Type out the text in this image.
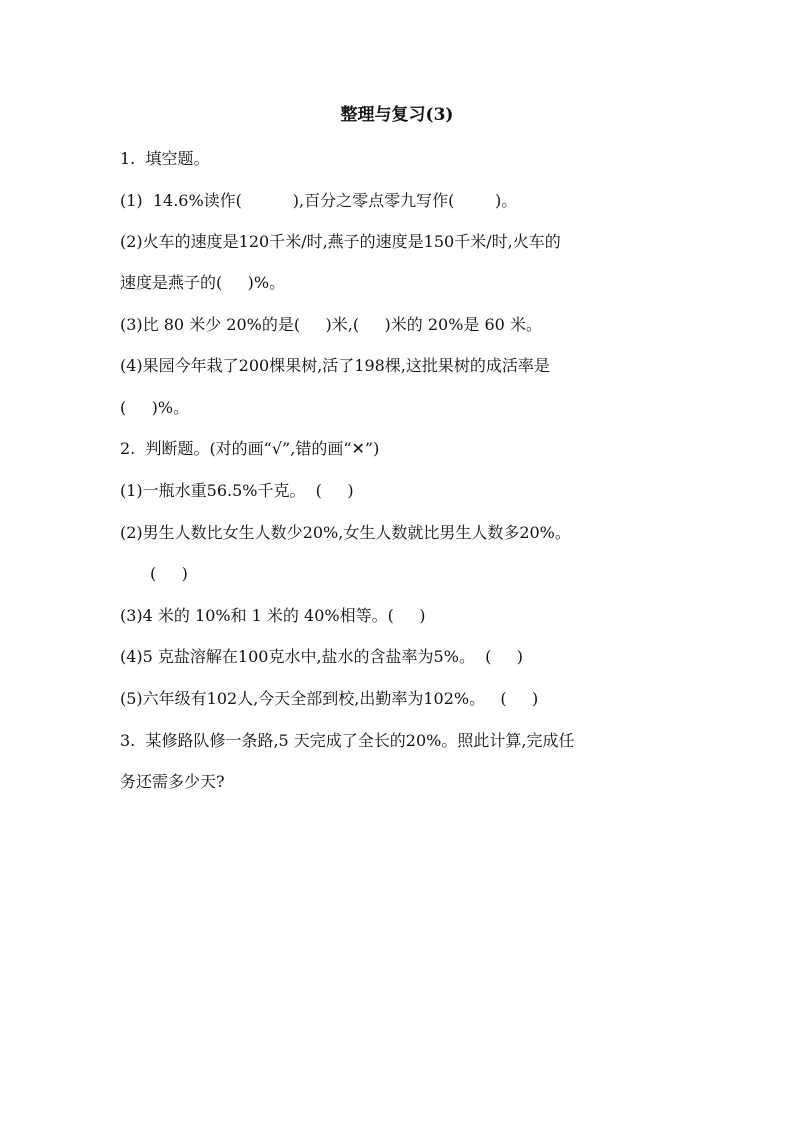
整理与复习(3)
1.  填空题。
(1)  14.6%读作(          ),百分之零点零九写作(        )。
(2)火车的速度是120千米/时,燕子的速度是150千米/时,火车的
速度是燕子的(     )%。
(3)比 80 米少 20%的是(     )米,(     )米的 20%是 60 米。
(4)果园今年栽了200棵果树,活了198棵,这批果树的成活率是
(     )%。
2.  判断题。(对的画“√”,错的画“✕”)
(1)一瓶水重56.5%千克。  (     )
(2)男生人数比女生人数少20%,女生人数就比男生人数多20%。
(     )
(3)4 米的 10%和 1 米的 40%相等。(     )
(4)5 克盐溶解在100克水中,盐水的含盐率为5%。  (     )
(5)六年级有102人,今天全部到校,出勤率为102%。   (     )
3.  某修路队修一条路,5 天完成了全长的20%。照此计算,完成任
务还需多少天?
